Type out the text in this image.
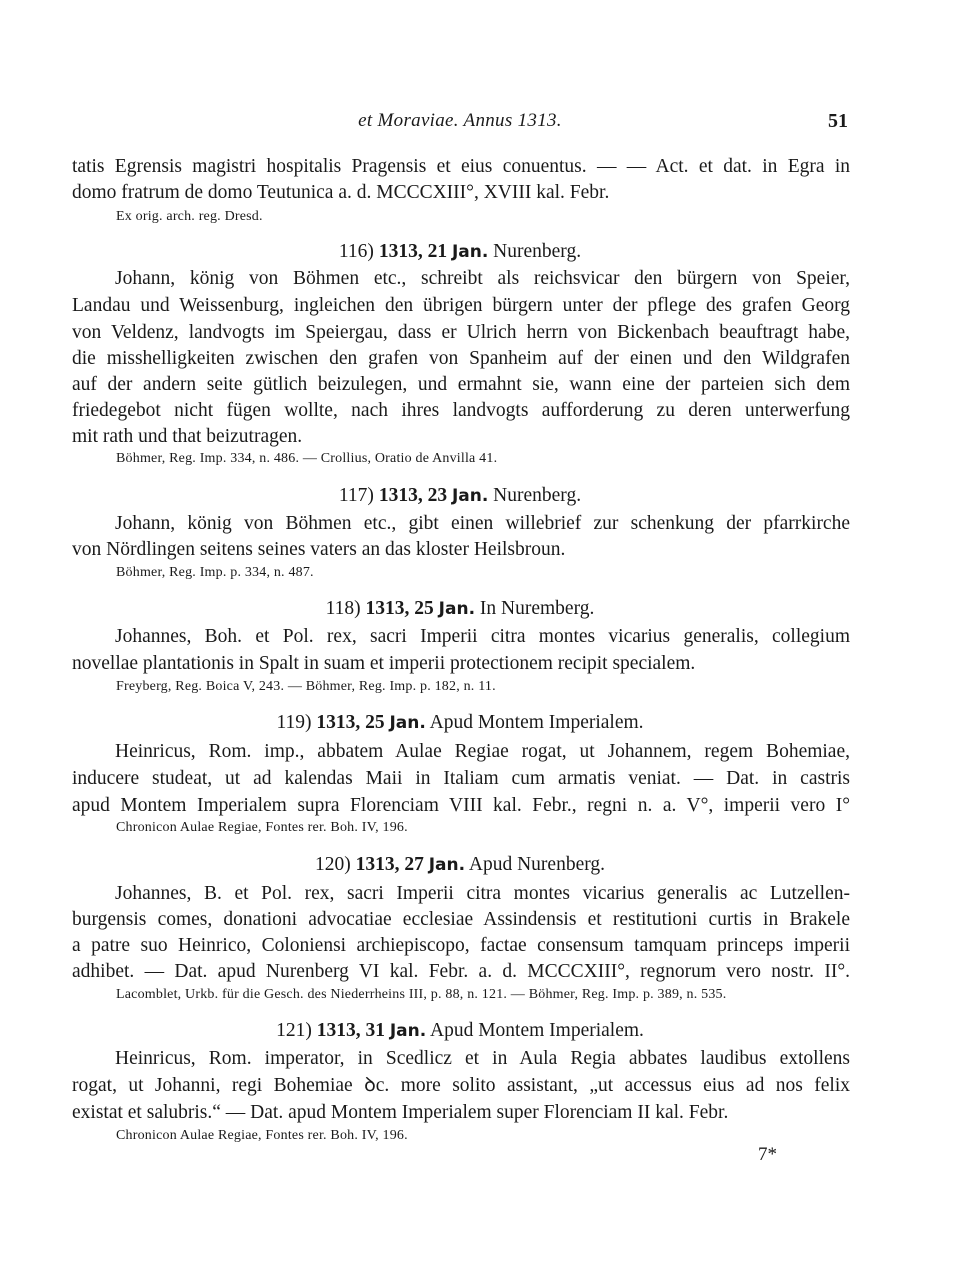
et Moraviae. Annus 1313.	51
tatis Egrensis magistri hospitalis Pragensis et eius conuentus. — — Act. et dat. in Egra in
domo fratrum de domo Teutunica a. d. MCCCXIII°, XVIII kal. Febr.
Ex orig. arch. reg. Dresd.
116) 1313, 21 Jan. Nurenberg.
Johann, könig von Böhmen etc., schreibt als reichsvicar den bürgern von Speier,
Landau und Weissenburg, ingleichen den übrigen bürgern unter der pflege des grafen Georg
von Veldenz, landvogts im Speiergau, dass er Ulrich herrn von Bickenbach beauftragt habe,
die misshelligkeiten zwischen den grafen von Spanheim auf der einen und den Wildgrafen
auf der andern seite gütlich beizulegen, und ermahnt sie, wann eine der parteien sich dem
friedegebot nicht fügen wollte, nach ihres landvogts aufforderung zu deren unterwerfung
mit rath und that beizutragen.
Böhmer, Reg. Imp. 334, n. 486. — Crollius, Oratio de Anvilla 41.
117) 1313, 23 Jan. Nurenberg.
Johann, könig von Böhmen etc., gibt einen willebrief zur schenkung der pfarrkirche
von Nördlingen seitens seines vaters an das kloster Heilsbroun.
Böhmer, Reg. Imp. p. 334, n. 487.
118) 1313, 25 Jan. In Nuremberg.
Johannes, Boh. et Pol. rex, sacri Imperii citra montes vicarius generalis, collegium
novellae plantationis in Spalt in suam et imperii protectionem recipit specialem.
Freyberg, Reg. Boica V, 243. — Böhmer, Reg. Imp. p. 182, n. 11.
119) 1313, 25 Jan. Apud Montem Imperialem.
Heinricus, Rom. imp., abbatem Aulae Regiae rogat, ut Johannem, regem Bohemiae,
inducere studeat, ut ad kalendas Maii in Italiam cum armatis veniat. — Dat. in castris
apud Montem Imperialem supra Florenciam VIII kal. Febr., regni n. a. V°, imperii vero I°
Chronicon Aulae Regiae, Fontes rer. Boh. IV, 196.
120) 1313, 27 Jan. Apud Nurenberg.
Johannes, B. et Pol. rex, sacri Imperii citra montes vicarius generalis ac Lutzellen-
burgensis comes, donationi advocatiae ecclesiae Assindensis et restitutioni curtis in Brakele
a patre suo Heinrico, Coloniensi archiepiscopo, factae consensum tamquam princeps imperii
adhibet. — Dat. apud Nurenberg VI kal. Febr. a. d. MCCCXIII°, regnorum vero nostr. II°.
Lacomblet, Urkb. für die Gesch. des Niederrheins III, p. 88, n. 121. — Böhmer, Reg. Imp. p. 389, n. 535.
121) 1313, 31 Jan. Apud Montem Imperialem.
Heinricus, Rom. imperator, in Scedlicz et in Aula Regia abbates laudibus extollens
rogat, ut Johanni, regi Bohemiae ꝺc. more solito assistant, „ut accessus eius ad nos felix
existat et salubris.“ — Dat. apud Montem Imperialem super Florenciam II kal. Febr.
Chronicon Aulae Regiae, Fontes rer. Boh. IV, 196.
7*
